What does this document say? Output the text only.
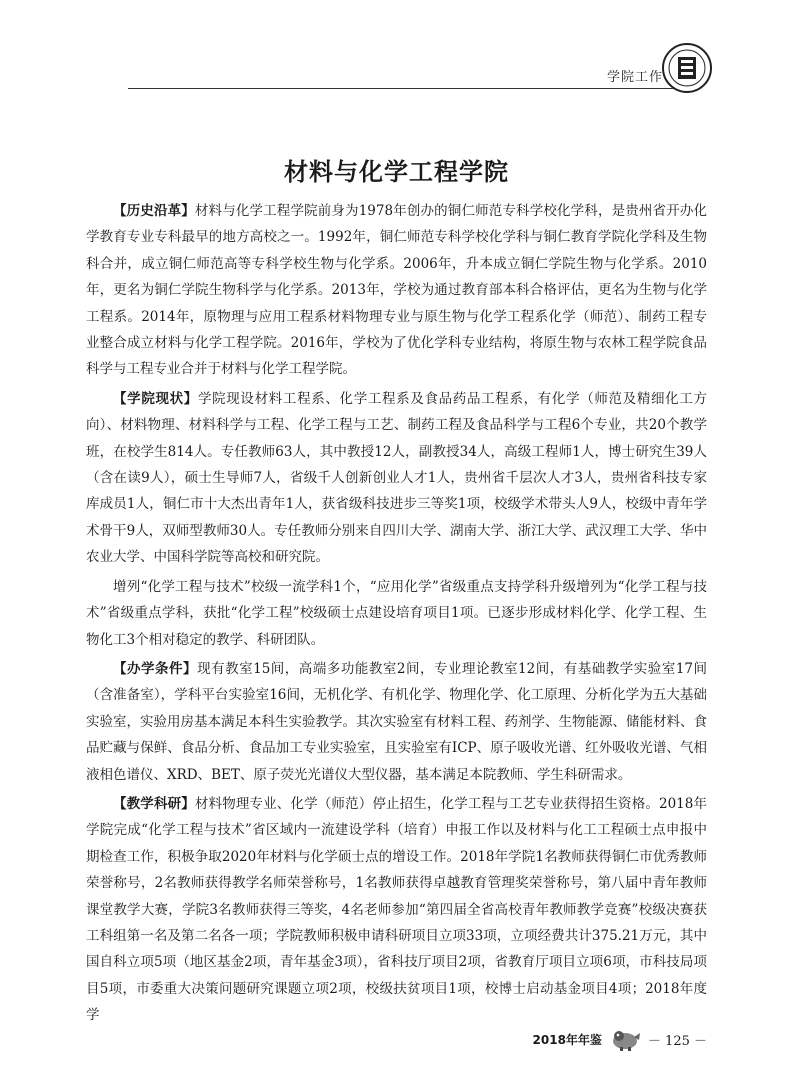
学院工作
材料与化学工程学院

【历史沿革】材料与化学工程学院前身为1978年创办的铜仁师范专科学校化学科，是贵州省开办化学教育专业专科最早的地方高校之一。1992年，铜仁师范专科学校化学科与铜仁教育学院化学科及生物科合并，成立铜仁师范高等专科学校生物与化学系。2006年，升本成立铜仁学院生物与化学系。2010年，更名为铜仁学院生物科学与化学系。2013年，学校为通过教育部本科合格评估，更名为生物与化学工程系。2014年，原物理与应用工程系材料物理专业与原生物与化学工程系化学（师范）、制药工程专业整合成立材料与化学工程学院。2016年，学校为了优化学科专业结构，将原生物与农林工程学院食品科学与工程专业合并于材料与化学工程学院。

【学院现状】学院现设材料工程系、化学工程系及食品药品工程系，有化学（师范及精细化工方向）、材料物理、材料科学与工程、化学工程与工艺、制药工程及食品科学与工程6个专业，共20个教学班，在校学生814人。专任教师63人，其中教授12人，副教授34人，高级工程师1人，博士研究生39人（含在读9人），硕士生导师7人，省级千人创新创业人才1人，贵州省千层次人才3人，贵州省科技专家库成员1人，铜仁市十大杰出青年1人，获省级科技进步三等奖1项，校级学术带头人9人，校级中青年学术骨干9人，双师型教师30人。专任教师分别来自四川大学、湖南大学、浙江大学、武汉理工大学、华中农业大学、中国科学院等高校和研究院。

增列“化学工程与技术”校级一流学科1个，“应用化学”省级重点支持学科升级增列为“化学工程与技术”省级重点学科，获批“化学工程”校级硕士点建设培育项目1项。已逐步形成材料化学、化学工程、生物化工3个相对稳定的教学、科研团队。

【办学条件】现有教室15间，高端多功能教室2间，专业理论教室12间，有基础教学实验室17间（含准备室），学科平台实验室16间，无机化学、有机化学、物理化学、化工原理、分析化学为五大基础实验室，实验用房基本满足本科生实验教学。其次实验室有材料工程、药剂学、生物能源、储能材料、食品贮藏与保鲜、食品分析、食品加工专业实验室，且实验室有ICP、原子吸收光谱、红外吸收光谱、气相液相色谱仪、XRD、BET、原子荧光光谱仪大型仪器，基本满足本院教师、学生科研需求。

【教学科研】材料物理专业、化学（师范）停止招生，化学工程与工艺专业获得招生资格。2018年学院完成“化学工程与技术”省区域内一流建设学科（培育）申报工作以及材料与化工工程硕士点申报中期检查工作，积极争取2020年材料与化学硕士点的增设工作。2018年学院1名教师获得铜仁市优秀教师荣誉称号，2名教师获得教学名师荣誉称号，1名教师获得卓越教育管理奖荣誉称号，第八届中青年教师课堂教学大赛，学院3名教师获得三等奖，4名老师参加“第四届全省高校青年教师教学竞赛”校级决赛获工科组第一名及第二名各一项；学院教师积极申请科研项目立项33项，立项经费共计375.21万元，其中国自科立项5项（地区基金2项，青年基金3项），省科技厅项目2项，省教育厅项目立项6项，市科技局项目5项，市委重大决策问题研究课题立项2项，校级扶贫项目1项，校博士启动基金项目4项；2018年度学

2018年年鉴	－ 125 －
